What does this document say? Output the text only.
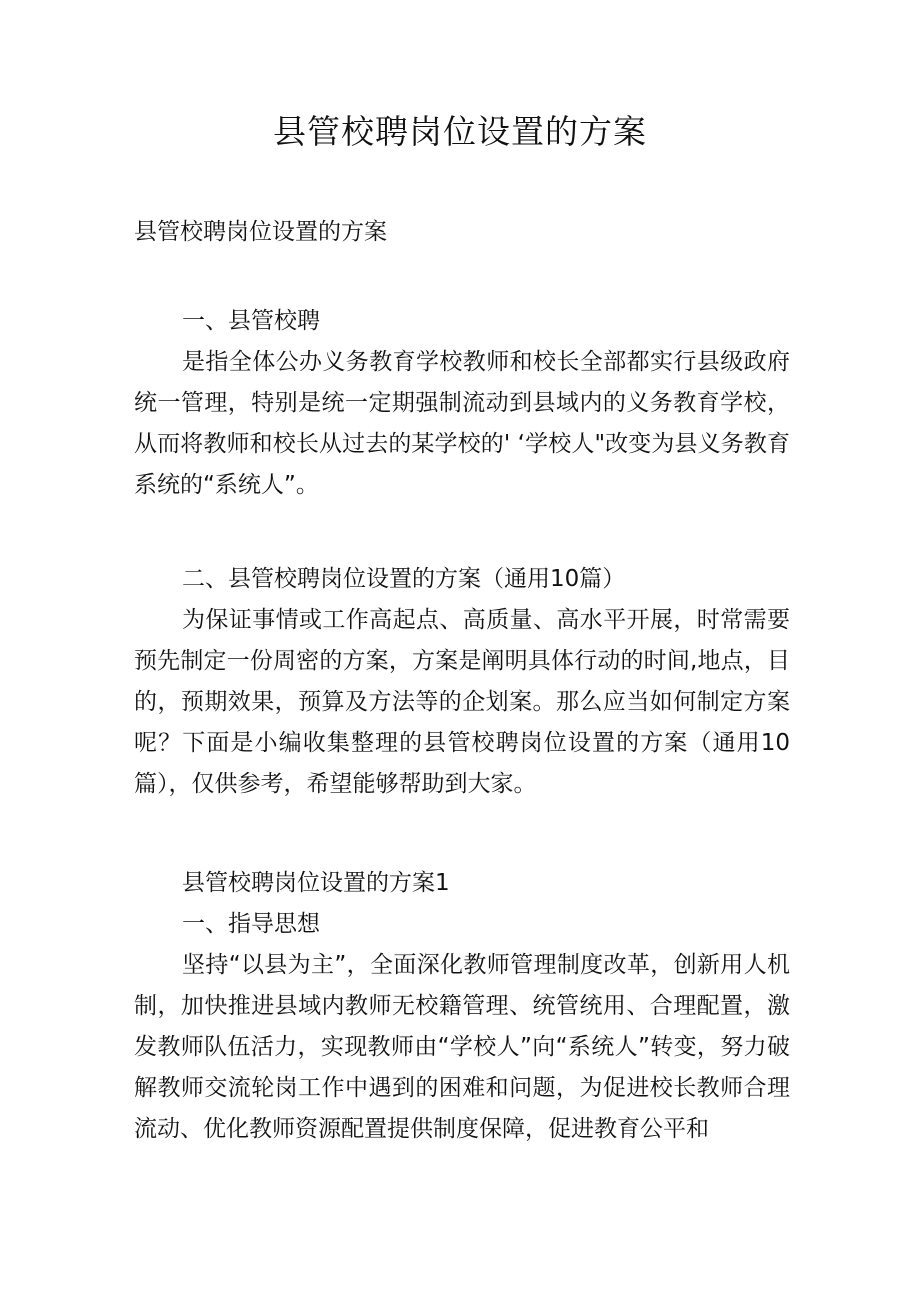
县管校聘岗位设置的方案
县管校聘岗位设置的方案
一、县管校聘

是指全体公办义务教育学校教师和校长全部都实行县级政府统一管理，特别是统一定期强制流动到县域内的义务教育学校，从而将教师和校长从过去的某学校的' ‘学校人"改变为县义务教育系统的“系统人”。

二、县管校聘岗位设置的方案（通用10篇）

为保证事情或工作高起点、高质量、高水平开展，时常需要预先制定一份周密的方案，方案是阐明具体行动的时间,地点，目的，预期效果，预算及方法等的企划案。那么应当如何制定方案呢？下面是小编收集整理的县管校聘岗位设置的方案（通用10篇），仅供参考，希望能够帮助到大家。

县管校聘岗位设置的方案1
一、指导思想

坚持“以县为主”，全面深化教师管理制度改革，创新用人机制，加快推进县域内教师无校籍管理、统管统用、合理配置，激发教师队伍活力，实现教师由“学校人”向“系统人”转变，努力破解教师交流轮岗工作中遇到的困难和问题，为促进校长教师合理流动、优化教师资源配置提供制度保障，促进教育公平和
